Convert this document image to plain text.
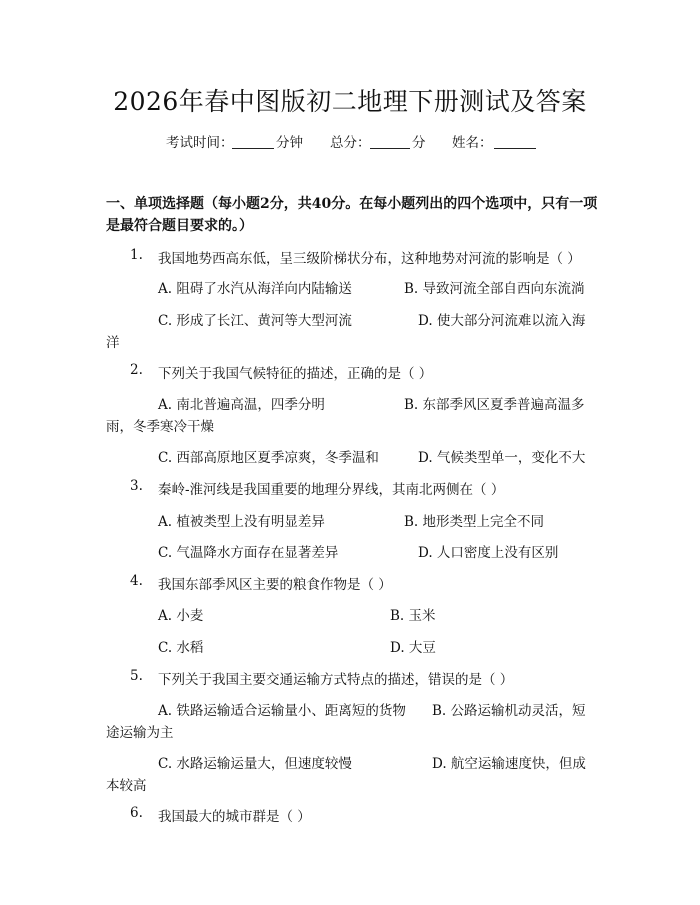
2026年春中图版初二地理下册测试及答案
考试时间：	分钟 总分：	分 姓名：
一、单项选择题（每小题2分，共40分。在每小题列出的四个选项中，只有一项
是最符合题目要求的。）
1. 我国地势西高东低，呈三级阶梯状分布，这种地势对河流的影响是（ ）
A. 阻碍了水汽从海洋向内陆输送	B. 导致河流全部自西向东流淌
C. 形成了长江、黄河等大型河流	D. 使大部分河流难以流入海
洋
2. 下列关于我国气候特征的描述，正确的是（ ）
A. 南北普遍高温，四季分明	B. 东部季风区夏季普遍高温多
雨，冬季寒冷干燥
C. 西部高原地区夏季凉爽，冬季温和	D. 气候类型单一，变化不大
3. 秦岭-淮河线是我国重要的地理分界线，其南北两侧在（ ）
A. 植被类型上没有明显差异	B. 地形类型上完全不同
C. 气温降水方面存在显著差异	D. 人口密度上没有区别
4. 我国东部季风区主要的粮食作物是（ ）
A. 小麦	B. 玉米
C. 水稻	D. 大豆
5. 下列关于我国主要交通运输方式特点的描述，错误的是（ ）
A. 铁路运输适合运输量小、距离短的货物 B. 公路运输机动灵活，短
途运输为主
C. 水路运输运量大，但速度较慢	D. 航空运输速度快，但成
本较高
6. 我国最大的城市群是（ ）
